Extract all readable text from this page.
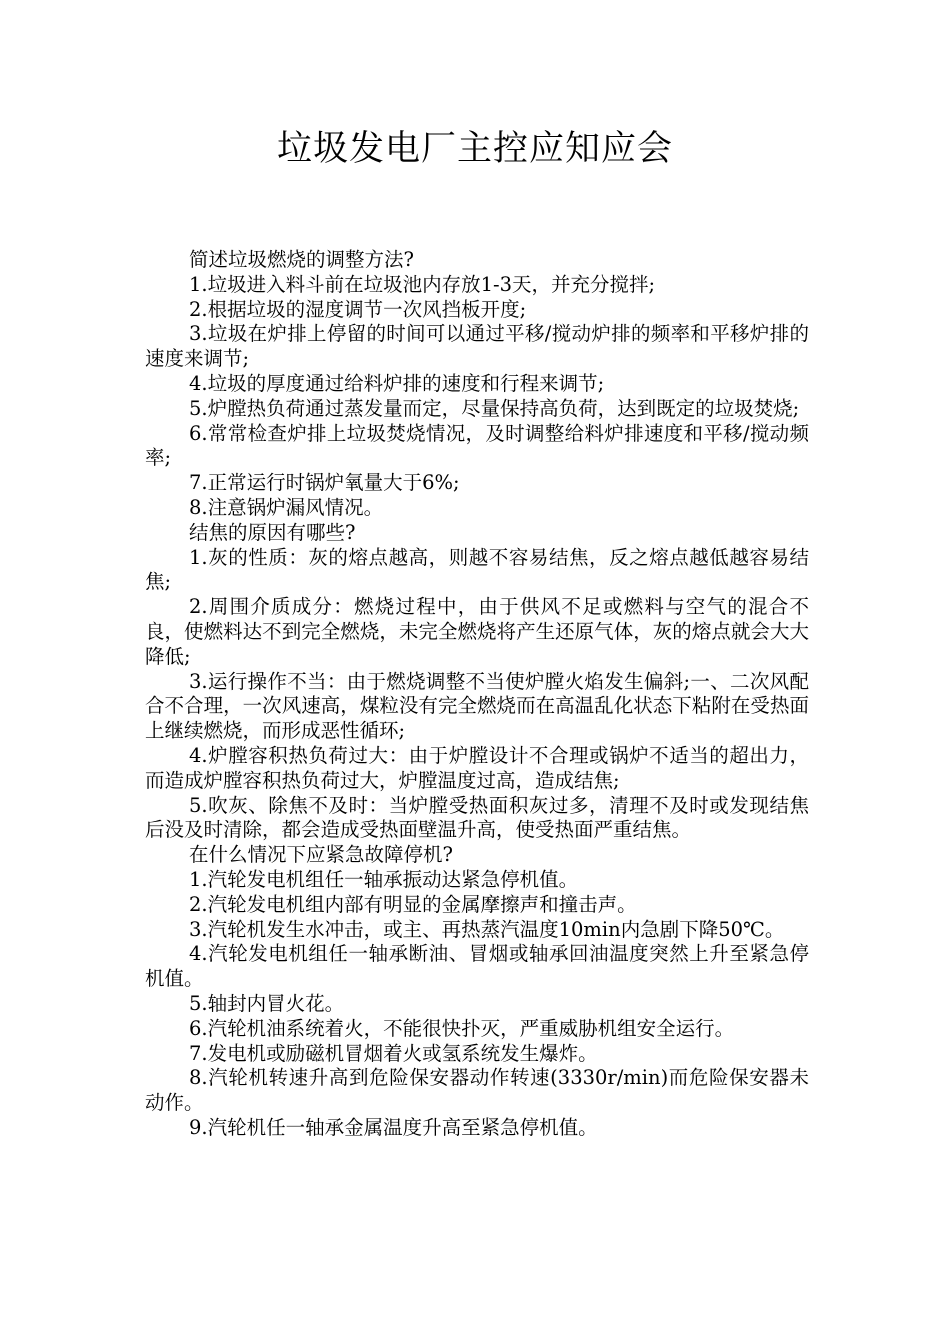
垃圾发电厂主控应知应会

简述垃圾燃烧的调整方法?

1.垃圾进入料斗前在垃圾池内存放1-3天，并充分搅拌;

2.根据垃圾的湿度调节一次风挡板开度;

3.垃圾在炉排上停留的时间可以通过平移/搅动炉排的频率和平移炉排的速度来调节;

4.垃圾的厚度通过给料炉排的速度和行程来调节;

5.炉膛热负荷通过蒸发量而定，尽量保持高负荷，达到既定的垃圾焚烧;

6.常常检查炉排上垃圾焚烧情况，及时调整给料炉排速度和平移/搅动频率;

7.正常运行时锅炉氧量大于6%;

8.注意锅炉漏风情况。

结焦的原因有哪些?

1.灰的性质：灰的熔点越高，则越不容易结焦，反之熔点越低越容易结焦;

2.周围介质成分：燃烧过程中，由于供风不足或燃料与空气的混合不良，使燃料达不到完全燃烧，未完全燃烧将产生还原气体，灰的熔点就会大大降低;

3.运行操作不当：由于燃烧调整不当使炉膛火焰发生偏斜;一、二次风配合不合理，一次风速高，煤粒没有完全燃烧而在高温乱化状态下粘附在受热面上继续燃烧，而形成恶性循环;

4.炉膛容积热负荷过大：由于炉膛设计不合理或锅炉不适当的超出力，而造成炉膛容积热负荷过大，炉膛温度过高，造成结焦;

5.吹灰、除焦不及时：当炉膛受热面积灰过多，清理不及时或发现结焦后没及时清除，都会造成受热面壁温升高，使受热面严重结焦。

在什么情况下应紧急故障停机?

1.汽轮发电机组任一轴承振动达紧急停机值。

2.汽轮发电机组内部有明显的金属摩擦声和撞击声。

3.汽轮机发生水冲击，或主、再热蒸汽温度10min内急剧下降50℃。

4.汽轮发电机组任一轴承断油、冒烟或轴承回油温度突然上升至紧急停机值。

5.轴封内冒火花。

6.汽轮机油系统着火，不能很快扑灭，严重威胁机组安全运行。

7.发电机或励磁机冒烟着火或氢系统发生爆炸。

8.汽轮机转速升高到危险保安器动作转速(3330r/min)而危险保安器未动作。

9.汽轮机任一轴承金属温度升高至紧急停机值。
